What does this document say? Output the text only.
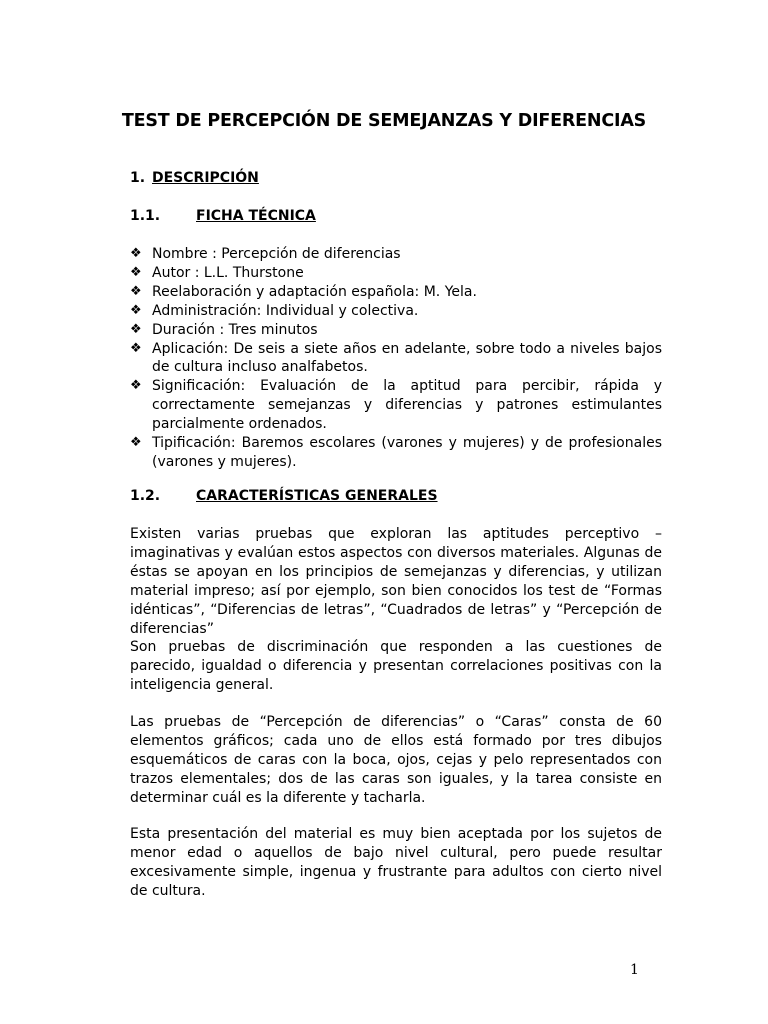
TEST DE PERCEPCIÓN DE SEMEJANZAS Y DIFERENCIAS
1. DESCRIPCIÓN
1.1.	FICHA TÉCNICA
❖ Nombre : Percepción de diferencias
❖ Autor : L.L. Thurstone
❖ Reelaboración y adaptación española: M. Yela.
❖ Administración: Individual y colectiva.
❖ Duración : Tres minutos
❖ Aplicación: De seis a siete años en adelante, sobre todo a niveles bajos de cultura incluso analfabetos.
❖ Significación: Evaluación de la aptitud para percibir, rápida y correctamente semejanzas y diferencias y patrones estimulantes parcialmente ordenados.
❖ Tipificación: Baremos escolares (varones y mujeres) y de profesionales (varones y mujeres).
1.2.	CARACTERÍSTICAS GENERALES

Existen varias pruebas que exploran las aptitudes perceptivo – imaginativas y evalúan estos aspectos con diversos materiales. Algunas de éstas se apoyan en los principios de semejanzas y diferencias, y utilizan material impreso; así por ejemplo, son bien conocidos los test de “Formas idénticas”, “Diferencias de letras”, “Cuadrados de letras” y “Percepción de diferencias”

Son pruebas de discriminación que responden a las cuestiones de parecido, igualdad o diferencia y presentan correlaciones positivas con la inteligencia general.

Las pruebas de “Percepción de diferencias” o “Caras” consta de 60 elementos gráficos; cada uno de ellos está formado por tres dibujos esquemáticos de caras con la boca, ojos, cejas y pelo representados con trazos elementales; dos de las caras son iguales, y la tarea consiste en determinar cuál es la diferente y tacharla.

Esta presentación del material es muy bien aceptada por los sujetos de menor edad o aquellos de bajo nivel cultural, pero puede resultar excesivamente simple, ingenua y frustrante para adultos con cierto nivel de cultura.

1
